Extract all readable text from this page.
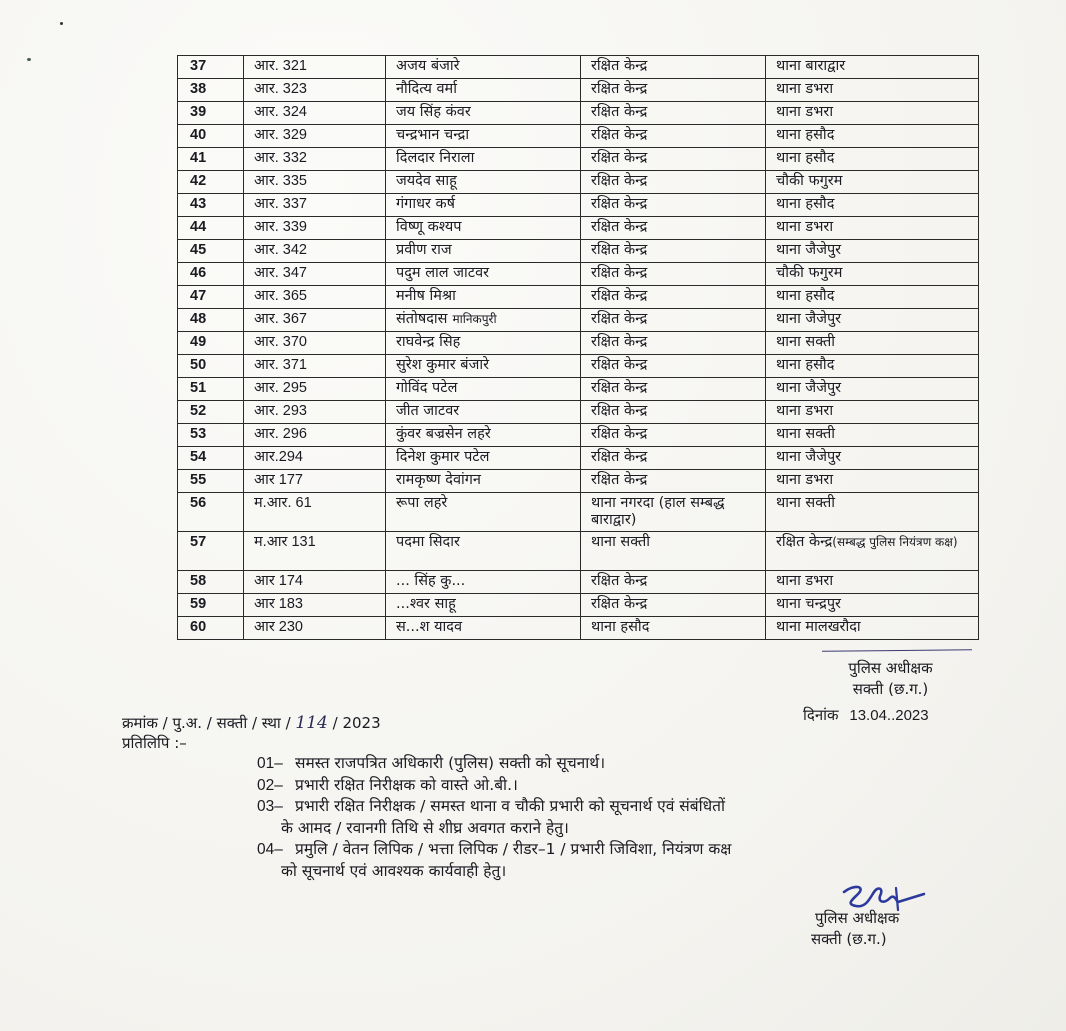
37	आर. 321	अजय बंजारे	रक्षित केन्द्र	थाना बाराद्वार
38	आर. 323	नौदित्य वर्मा	रक्षित केन्द्र	थाना डभरा
39	आर. 324	जय सिंह कंवर	रक्षित केन्द्र	थाना डभरा
40	आर. 329	चन्द्रभान चन्द्रा	रक्षित केन्द्र	थाना हसौद
41	आर. 332	दिलदार निराला	रक्षित केन्द्र	थाना हसौद
42	आर. 335	जयदेव साहू	रक्षित केन्द्र	चौकी फगुरम
43	आर. 337	गंगाधर कर्ष	रक्षित केन्द्र	थाना हसौद
44	आर. 339	विष्णू कश्यप	रक्षित केन्द्र	थाना डभरा
45	आर. 342	प्रवीण राज	रक्षित केन्द्र	थाना जैजेपुर
46	आर. 347	पदुम लाल जाटवर	रक्षित केन्द्र	चौकी फगुरम
47	आर. 365	मनीष मिश्रा	रक्षित केन्द्र	थाना हसौद
48	आर. 367	संतोषदास मानिकपुरी	रक्षित केन्द्र	थाना जैजेपुर
49	आर. 370	राघवेन्द्र सिह	रक्षित केन्द्र	थाना सक्ती
50	आर. 371	सुरेश कुमार बंजारे	रक्षित केन्द्र	थाना हसौद
51	आर. 295	गोविंद पटेल	रक्षित केन्द्र	थाना जैजेपुर
52	आर. 293	जीत जाटवर	रक्षित केन्द्र	थाना डभरा
53	आर. 296	कुंवर बज्रसेन लहरे	रक्षित केन्द्र	थाना सक्ती
54	आर.294	दिनेश कुमार पटेल	रक्षित केन्द्र	थाना जैजेपुर
55	आर 177	रामकृष्ण देवांगन	रक्षित केन्द्र	थाना डभरा
56	म.आर. 61	रूपा लहरे	थाना नगरदा (हाल सम्बद्ध बाराद्वार)	थाना सक्ती
57	म.आर 131	पदमा सिदार	थाना सक्ती	रक्षित केन्द्र(सम्बद्ध पुलिस नियंत्रण कक्ष)
58	आर 174	... सिंह कु...	रक्षित केन्द्र	थाना डभरा
59	आर 183	...श्वर साहू	रक्षित केन्द्र	थाना चन्द्रपुर
60	आर 230	स...श यादव	थाना हसौद	थाना मालखरौदा
पुलिस अधीक्षक
सक्ती (छ.ग.)
दिनांक 13.04..2023
क्रमांक / पु.अ. / सक्ती / स्था / 114 / 2023
प्रतिलिपि :–
01– समस्त राजपत्रित अधिकारी (पुलिस) सक्ती को सूचनार्थ।
02– प्रभारी रक्षित निरीक्षक को वास्ते ओ.बी.।
03– प्रभारी रक्षित निरीक्षक / समस्त थाना व चौकी प्रभारी को सूचनार्थ एवं संबंधितों
के आमद / रवानगी तिथि से शीघ्र अवगत कराने हेतु।
04– प्रमुलि / वेतन लिपिक / भत्ता लिपिक / रीडर–1 / प्रभारी जिविशा, नियंत्रण कक्ष
को सूचनार्थ एवं आवश्यक कार्यवाही हेतु।
पुलिस अधीक्षक
सक्ती (छ.ग.)
